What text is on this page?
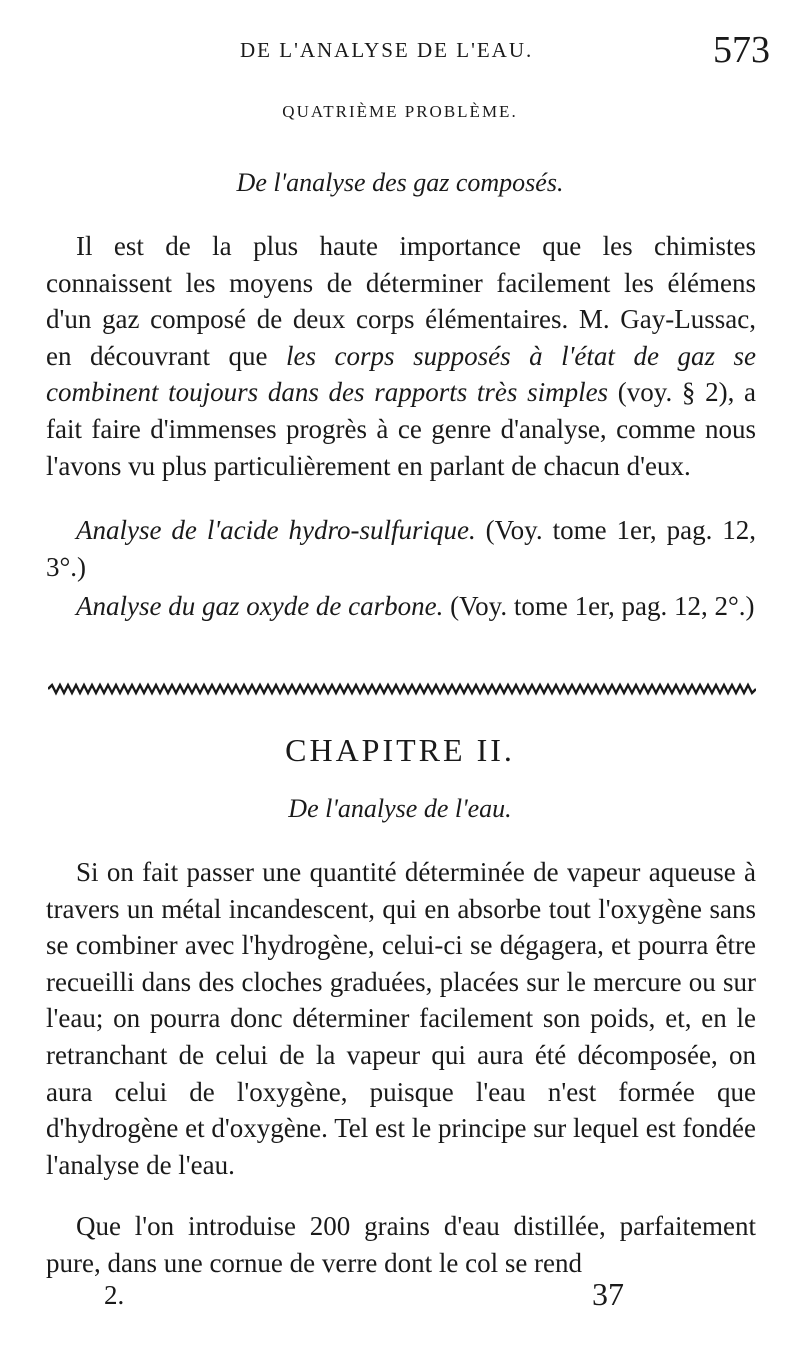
DE L'ANALYSE DE L'EAU.	573
QUATRIÈME PROBLÈME.
De l'analyse des gaz composés.

Il est de la plus haute importance que les chimistes connaissent les moyens de déterminer facilement les élémens d'un gaz composé de deux corps élémentaires. M. Gay-Lussac, en découvrant que les corps supposés à l'état de gaz se combinent toujours dans des rapports très simples (voy. § 2), a fait faire d'immenses progrès à ce genre d'analyse, comme nous l'avons vu plus particulièrement en parlant de chacun d'eux.

Analyse de l'acide hydro-sulfurique. (Voy. tome 1er, pag. 12, 3°.)

Analyse du gaz oxyde de carbone. (Voy. tome 1er, pag. 12, 2°.)

CHAPITRE II.
De l'analyse de l'eau.

Si on fait passer une quantité déterminée de vapeur aqueuse à travers un métal incandescent, qui en absorbe tout l'oxygène sans se combiner avec l'hydrogène, celui-ci se dégagera, et pourra être recueilli dans des cloches graduées, placées sur le mercure ou sur l'eau; on pourra donc déterminer facilement son poids, et, en le retranchant de celui de la vapeur qui aura été décomposée, on aura celui de l'oxygène, puisque l'eau n'est formée que d'hydrogène et d'oxygène. Tel est le principe sur lequel est fondée l'analyse de l'eau.

Que l'on introduise 200 grains d'eau distillée, parfaitement pure, dans une cornue de verre dont le col se rend

2.	37
